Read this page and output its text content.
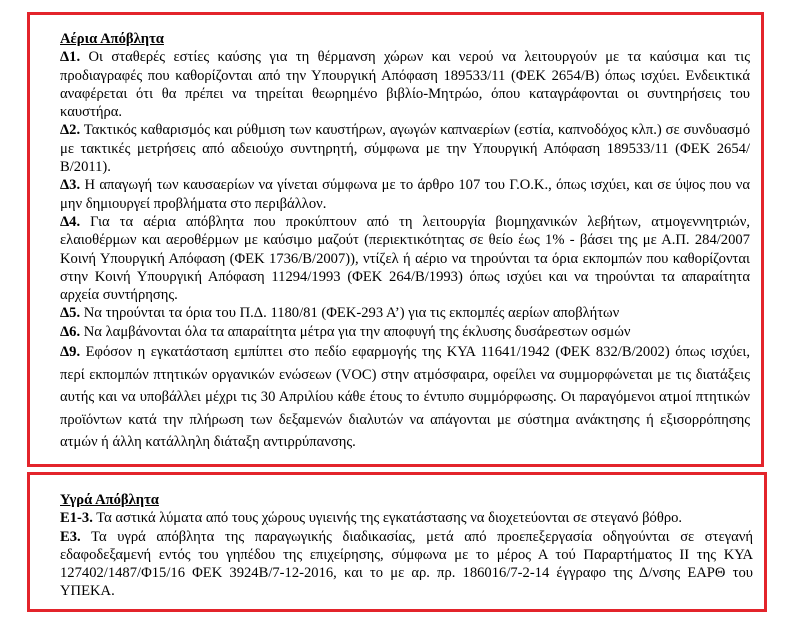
Αέρια Απόβλητα

Δ1. Οι σταθερές εστίες καύσης για τη θέρμανση χώρων και νερού να λειτουργούν με τα καύσιμα και τις προδιαγραφές που καθορίζονται από την Υπουργική Απόφαση 189533/11 (ΦΕΚ 2654/Β) όπως ισχύει. Ενδεικτικά αναφέρεται ότι θα πρέπει να τηρείται θεωρημένο βιβλίο-Μητρώο, όπου καταγράφονται οι συντηρήσεις του καυστήρα.

Δ2. Τακτικός καθαρισμός και ρύθμιση των καυστήρων, αγωγών καπναερίων (εστία, καπνοδόχος κλπ.) σε συνδυασμό με τακτικές μετρήσεις από αδειούχο συντηρητή, σύμφωνα με την Υπουργική Απόφαση 189533/11 (ΦΕΚ 2654/Β/2011).

Δ3. Η απαγωγή των καυσαερίων να γίνεται σύμφωνα με το άρθρο 107 του Γ.Ο.Κ., όπως ισχύει, και σε ύψος που να μην δημιουργεί προβλήματα στο περιβάλλον.

Δ4. Για τα αέρια απόβλητα που προκύπτουν από τη λειτουργία βιομηχανικών λεβήτων, ατμογεννητριών, ελαιοθέρμων και αεροθέρμων με καύσιμο μαζούτ (περιεκτικότητας σε θείο έως 1% - βάσει της με Α.Π. 284/2007 Κοινή Υπουργική Απόφαση (ΦΕΚ 1736/Β/2007)), ντίζελ ή αέριο να τηρούνται τα όρια εκπομπών που καθορίζονται στην Κοινή Υπουργική Απόφαση 11294/1993 (ΦΕΚ 264/Β/1993) όπως ισχύει και να τηρούνται τα απαραίτητα αρχεία συντήρησης.

Δ5. Να τηρούνται τα όρια του Π.Δ. 1180/81 (ΦΕΚ-293 Α’) για τις εκπομπές αερίων αποβλήτων

Δ6. Να λαμβάνονται όλα τα απαραίτητα μέτρα για την αποφυγή της έκλυσης δυσάρεστων οσμών

Δ9. Εφόσον η εγκατάσταση εμπίπτει στο πεδίο εφαρμογής της ΚΥΑ 11641/1942 (ΦΕΚ 832/Β/2002) όπως ισχύει, περί εκπομπών πτητικών οργανικών ενώσεων (VOC) στην ατμόσφαιρα, οφείλει να συμμορφώνεται με τις διατάξεις αυτής και να υποβάλλει μέχρι τις 30 Απριλίου κάθε έτους το έντυπο συμμόρφωσης. Οι παραγόμενοι ατμοί πτητικών προϊόντων κατά την πλήρωση των δεξαμενών διαλυτών να απάγονται με σύστημα ανάκτησης ή εξισορρόπησης ατμών ή άλλη κατάλληλη διάταξη αντιρρύπανσης.

Υγρά Απόβλητα

Ε1-3. Τα αστικά λύματα από τους χώρους υγιεινής της εγκατάστασης να διοχετεύονται σε στεγανό βόθρο.

Ε3. Τα υγρά απόβλητα της παραγωγικής διαδικασίας, μετά από προεπεξεργασία οδηγούνται σε στεγανή εδαφοδεξαμενή εντός του γηπέδου της επιχείρησης, σύμφωνα με το μέρος Α τού Παραρτήματος ΙΙ της ΚΥΑ 127402/1487/Φ15/16 ΦΕΚ 3924Β/7-12-2016, και το με αρ. πρ. 186016/7-2-14 έγγραφο της Δ/νσης ΕΑΡΘ του ΥΠΕΚΑ.
